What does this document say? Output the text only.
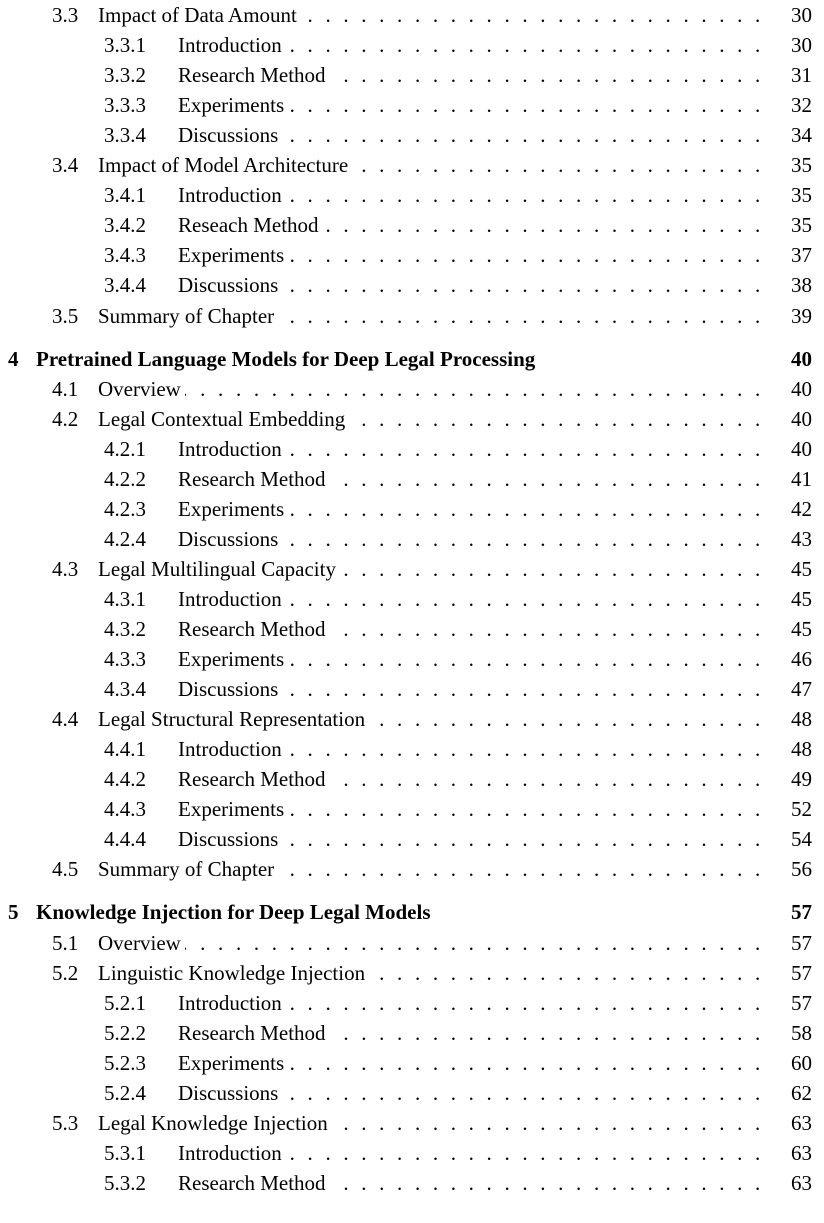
3.3 Impact of Data Amount . . .	30
3.3.1 Introduction . . .	30
3.3.2 Research Method . . .	31
3.3.3 Experiments . . .	32
3.3.4 Discussions . . .	34
3.4 Impact of Model Architecture . . .	35
3.4.1 Introduction . . .	35
3.4.2 Reseach Method . . .	35
3.4.3 Experiments . . .	37
3.4.4 Discussions . . .	38
3.5 Summary of Chapter . . .	39
4 Pretrained Language Models for Deep Legal Processing	40
4.1 Overview . . .	40
4.2 Legal Contextual Embedding . . .	40
4.2.1 Introduction . . .	40
4.2.2 Research Method . . .	41
4.2.3 Experiments . . .	42
4.2.4 Discussions . . .	43
4.3 Legal Multilingual Capacity . . .	45
4.3.1 Introduction . . .	45
4.3.2 Research Method . . .	45
4.3.3 Experiments . . .	46
4.3.4 Discussions . . .	47
4.4 Legal Structural Representation . . .	48
4.4.1 Introduction . . .	48
4.4.2 Research Method . . .	49
4.4.3 Experiments . . .	52
4.4.4 Discussions . . .	54
4.5 Summary of Chapter . . .	56
5 Knowledge Injection for Deep Legal Models	57
5.1 Overview . . .	57
5.2 Linguistic Knowledge Injection . . .	57
5.2.1 Introduction . . .	57
5.2.2 Research Method . . .	58
5.2.3 Experiments . . .	60
5.2.4 Discussions . . .	62
5.3 Legal Knowledge Injection . . .	63
5.3.1 Introduction . . .	63
5.3.2 Research Method . . .	63
